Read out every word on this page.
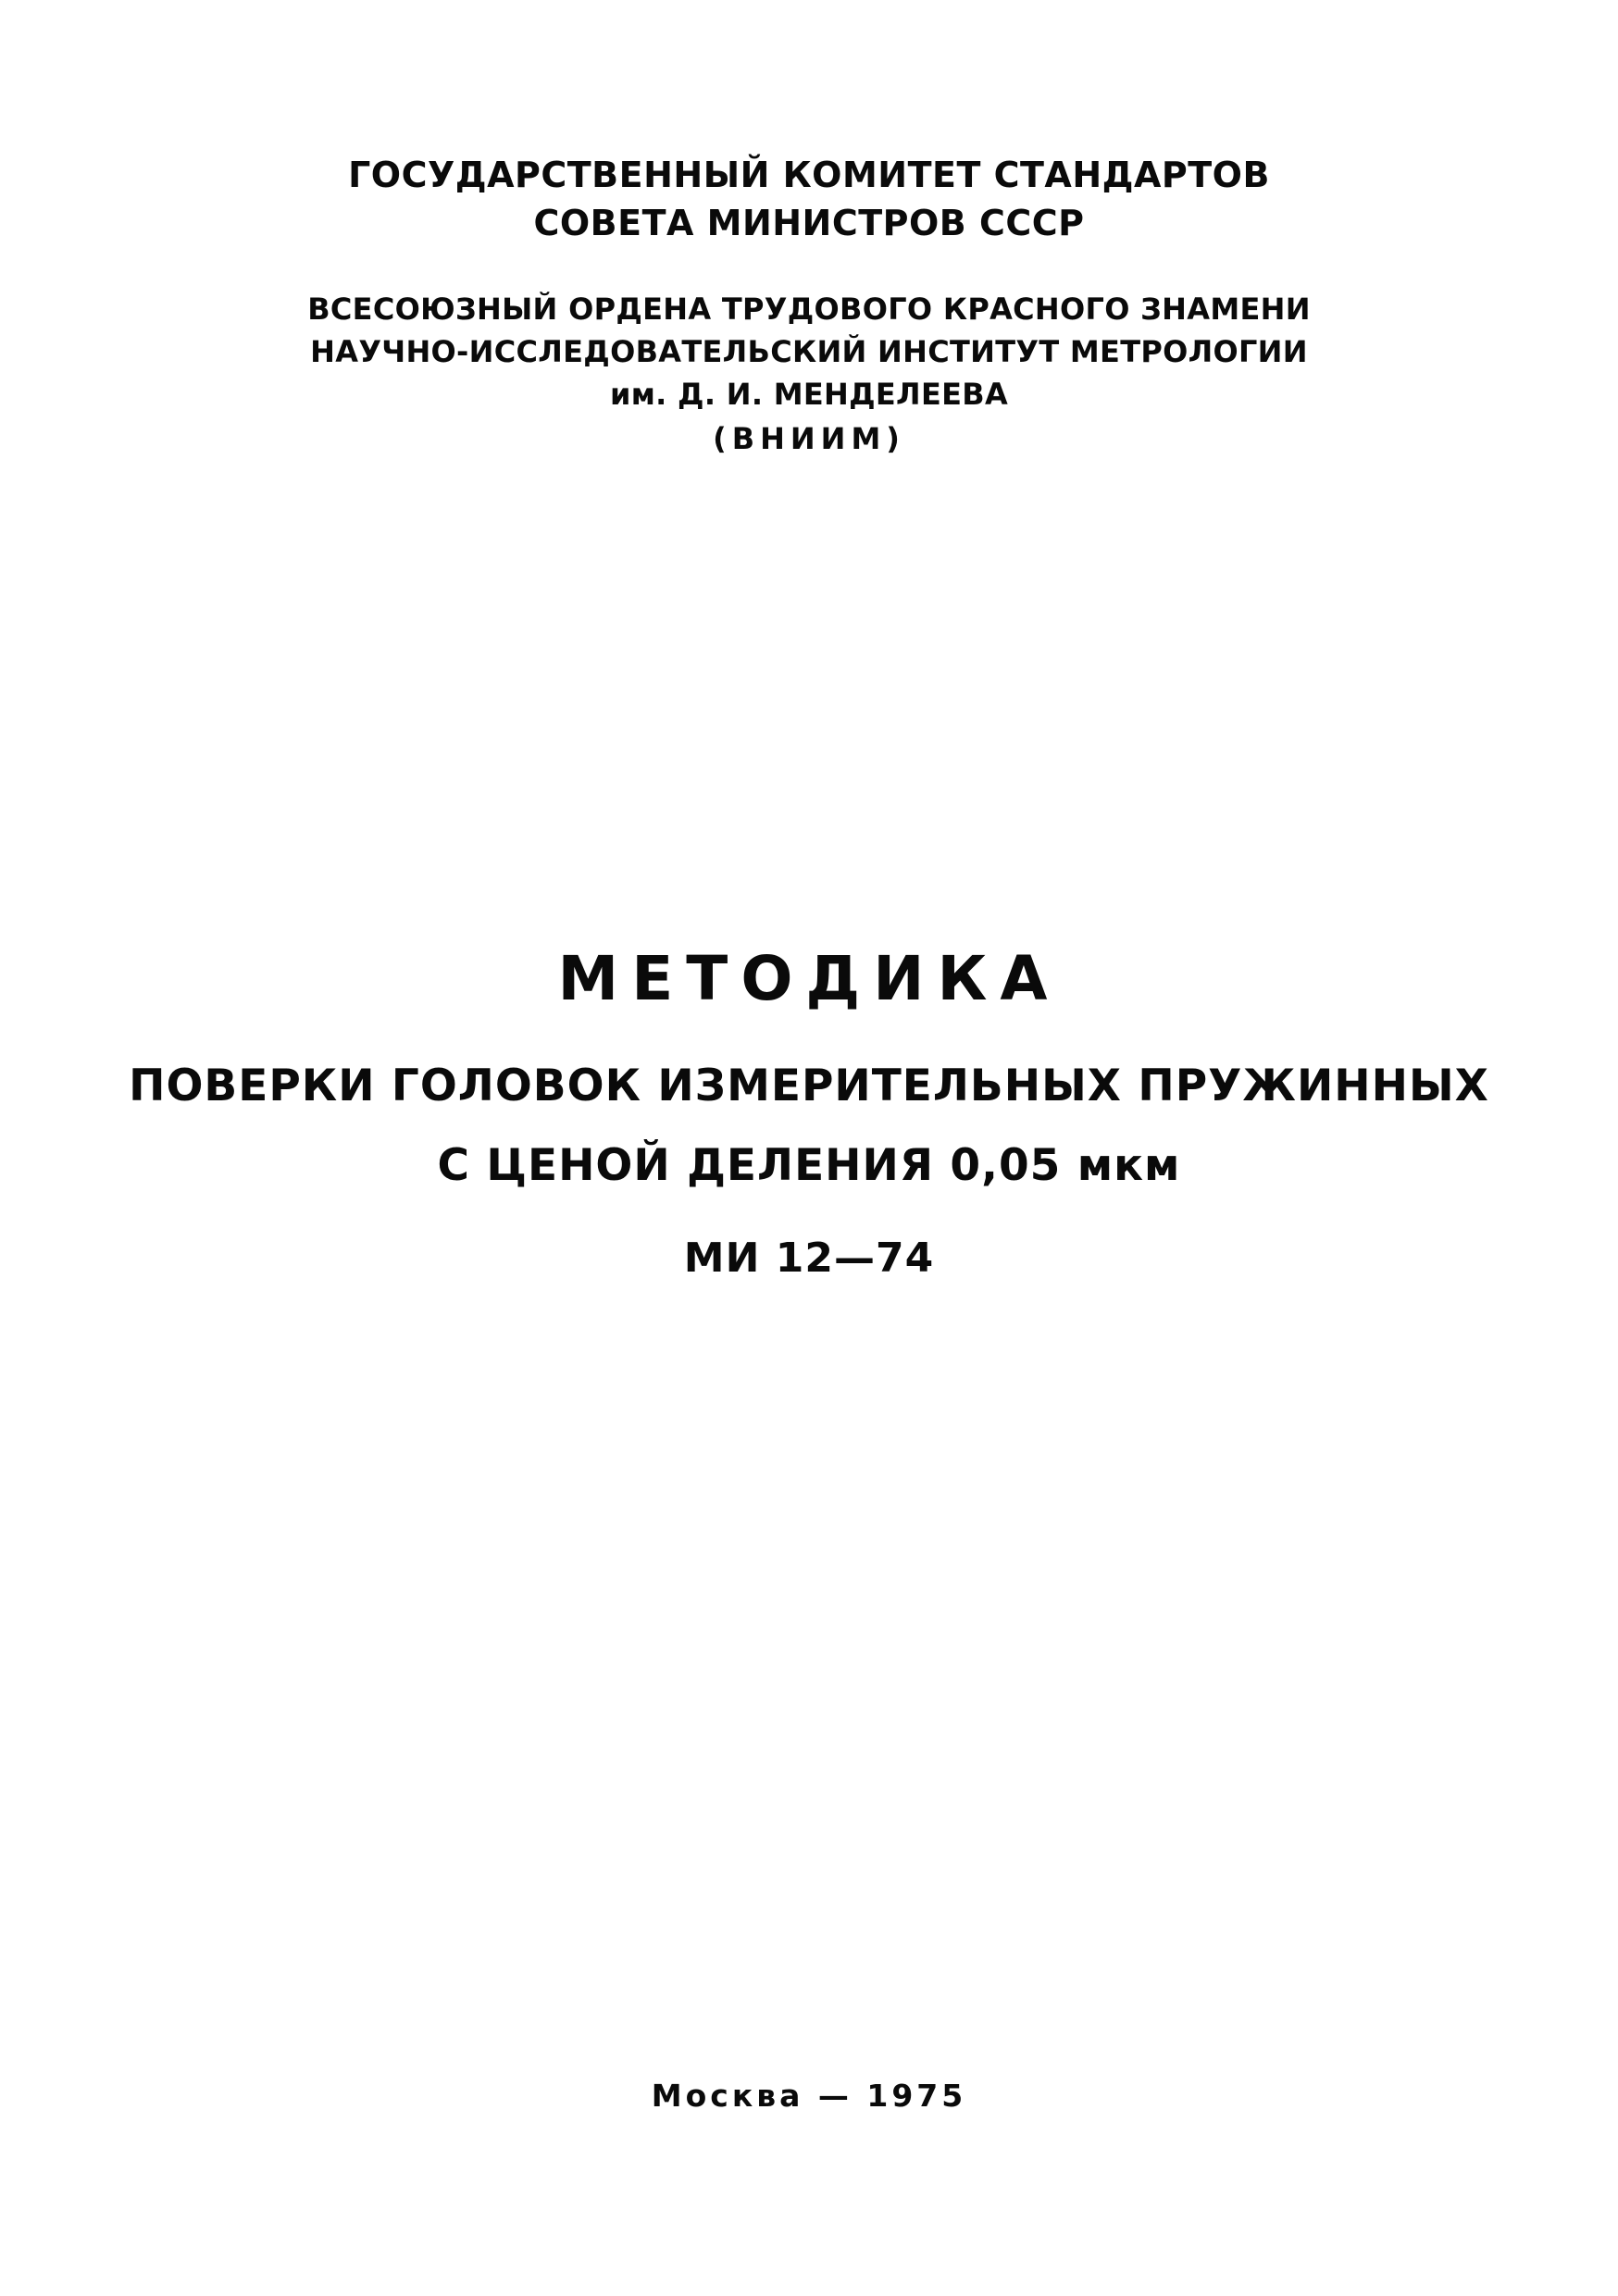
ГОСУДАРСТВЕННЫЙ КОМИТЕТ СТАНДАРТОВ
СОВЕТА МИНИСТРОВ СССР
ВСЕСОЮЗНЫЙ ОРДЕНА ТРУДОВОГО КРАСНОГО ЗНАМЕНИ
НАУЧНО-ИССЛЕДОВАТЕЛЬСКИЙ ИНСТИТУТ МЕТРОЛОГИИ
им. Д. И. МЕНДЕЛЕЕВА
(ВНИИМ)
МЕТОДИКА
ПОВЕРКИ ГОЛОВОК ИЗМЕРИТЕЛЬНЫХ ПРУЖИННЫХ
С ЦЕНОЙ ДЕЛЕНИЯ 0,05 мкм
МИ 12—74
Москва — 1975
